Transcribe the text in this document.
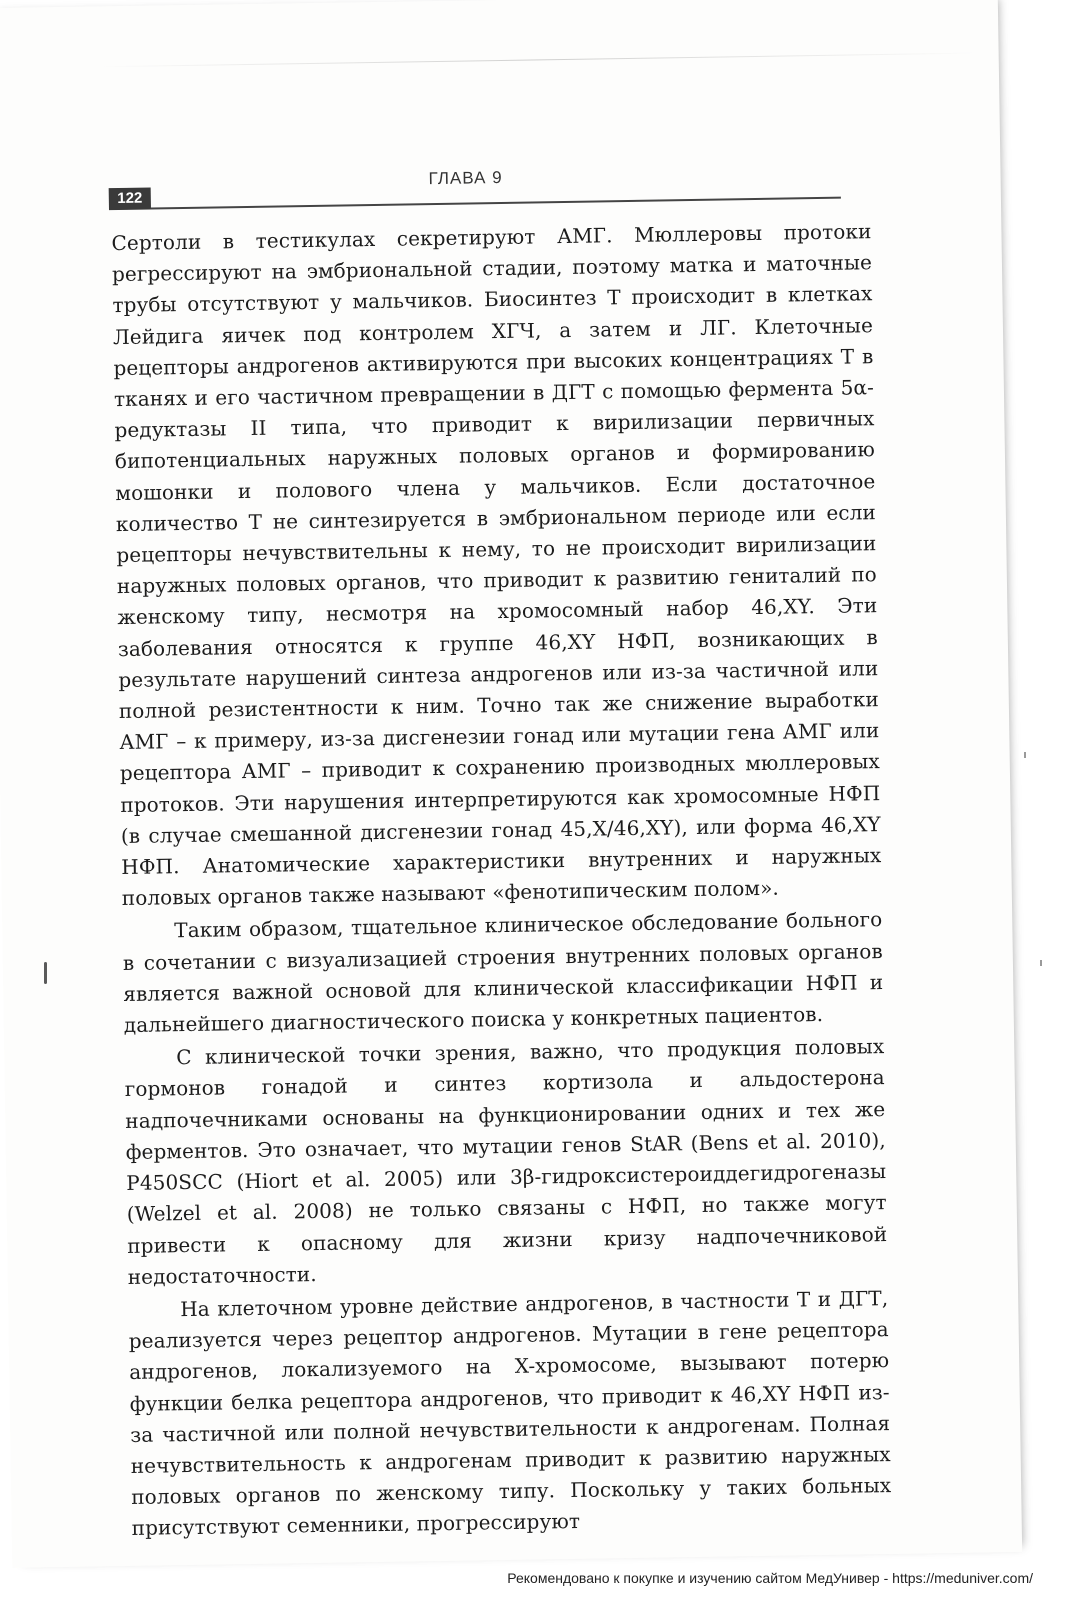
122
ГЛАВА 9

Сертоли в тестикулах секретируют АМГ. Мюллеровы протоки регрессируют на эмбриональной стадии, поэтому матка и маточные трубы отсутствуют у мальчиков. Биосинтез Т происходит в клетках Лейдига яичек под контролем ХГЧ, а затем и ЛГ. Клеточные рецепторы андрогенов активируются при высоких концентрациях Т в тканях и его частичном превращении в ДГТ с помощью фермента 5α-редуктазы II типа, что приводит к вирилизации первичных бипотенциальных наружных половых органов и формированию мошонки и полового члена у мальчиков. Если достаточное количество Т не синтезируется в эмбриональном периоде или если рецепторы нечувствительны к нему, то не происходит вирилизации наружных половых органов, что приводит к развитию гениталий по женскому типу, несмотря на хромосомный набор 46,XY. Эти заболевания относятся к группе 46,XY НФП, возникающих в результате нарушений синтеза андрогенов или из-за частичной или полной резистентности к ним. Точно так же снижение выработки АМГ – к примеру, из-за дисгенезии гонад или мутации гена АМГ или рецептора АМГ – приводит к сохранению производных мюллеровых протоков. Эти нарушения интерпретируются как хромосомные НФП (в случае смешанной дисгенезии гонад 45,X/46,XY), или форма 46,XY НФП. Анатомические характеристики внутренних и наружных половых органов также называют «фенотипическим полом».

Таким образом, тщательное клиническое обследование больного в сочетании с визуализацией строения внутренних половых органов является важной основой для клинической классификации НФП и дальнейшего диагностического поиска у конкретных пациентов.

С клинической точки зрения, важно, что продукция половых гормонов гонадой и синтез кортизола и альдостерона надпочечниками основаны на функционировании одних и тех же ферментов. Это означает, что мутации генов StAR (Bens et al. 2010), P450SCC (Hiort et al. 2005) или 3β-гидроксистероиддегидрогеназы (Welzel et al. 2008) не только связаны с НФП, но также могут привести к опасному для жизни кризу надпочечниковой недостаточности.

На клеточном уровне действие андрогенов, в частности Т и ДГТ, реализуется через рецептор андрогенов. Мутации в гене рецептора андрогенов, локализуемого на X-хромосоме, вызывают потерю функции белка рецептора андрогенов, что приводит к 46,XY НФП из-за частичной или полной нечувствительности к андрогенам. Полная нечувствительность к андрогенам приводит к развитию наружных половых органов по женскому типу. Поскольку у таких больных присутствуют семенники, прогрессируют

Рекомендовано к покупке и изучению сайтом МедУнивер - https://meduniver.com/
